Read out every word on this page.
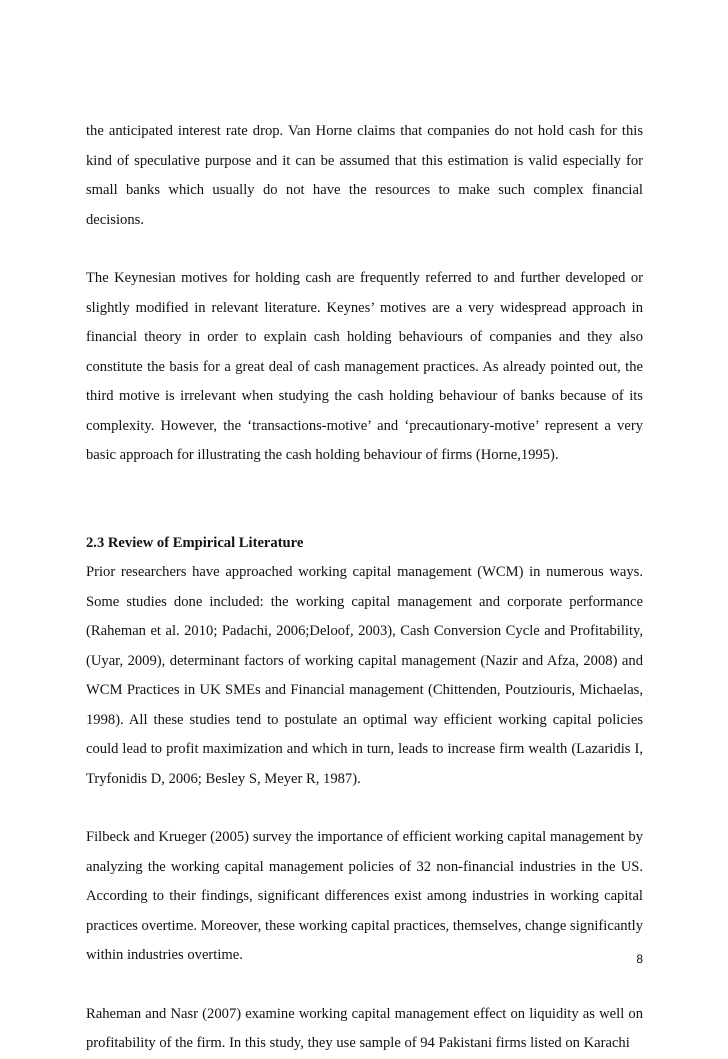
the anticipated interest rate drop. Van Horne claims that companies do not hold cash for this kind of speculative purpose and it can be assumed that this estimation is valid especially for small banks which usually do not have the resources to make such complex financial decisions.

The Keynesian motives for holding cash are frequently referred to and further developed or slightly modified in relevant literature. Keynes’ motives are a very widespread approach in financial theory in order to explain cash holding behaviours of companies and they also constitute the basis for a great deal of cash management practices. As already pointed out, the third motive is irrelevant when studying the cash holding behaviour of banks because of its complexity. However, the ‘transactions-motive’ and ‘precautionary-motive’ represent a very basic approach for illustrating the cash holding behaviour of firms (Horne,1995).

2.3 Review of Empirical Literature

Prior researchers have approached working capital management (WCM) in numerous ways. Some studies done included: the working capital management and corporate performance (Raheman et al. 2010; Padachi, 2006;Deloof, 2003), Cash Conversion Cycle and Profitability, (Uyar, 2009), determinant factors of working capital management (Nazir and Afza, 2008) and WCM Practices in UK SMEs and Financial management (Chittenden, Poutziouris, Michaelas, 1998). All these studies tend to postulate an optimal way efficient working capital policies could lead to profit maximization and which in turn, leads to increase firm wealth (Lazaridis I, Tryfonidis D, 2006; Besley S, Meyer R, 1987).

Filbeck and Krueger (2005) survey the importance of efficient working capital management by analyzing the working capital management policies of 32 non-financial industries in the US. According to their findings, significant differences exist among industries in working capital practices overtime. Moreover, these working capital practices, themselves, change significantly within industries overtime.

Raheman and Nasr (2007) examine working capital management effect on liquidity as well on profitability of the firm. In this study, they use sample of 94 Pakistani firms listed on Karachi

8
